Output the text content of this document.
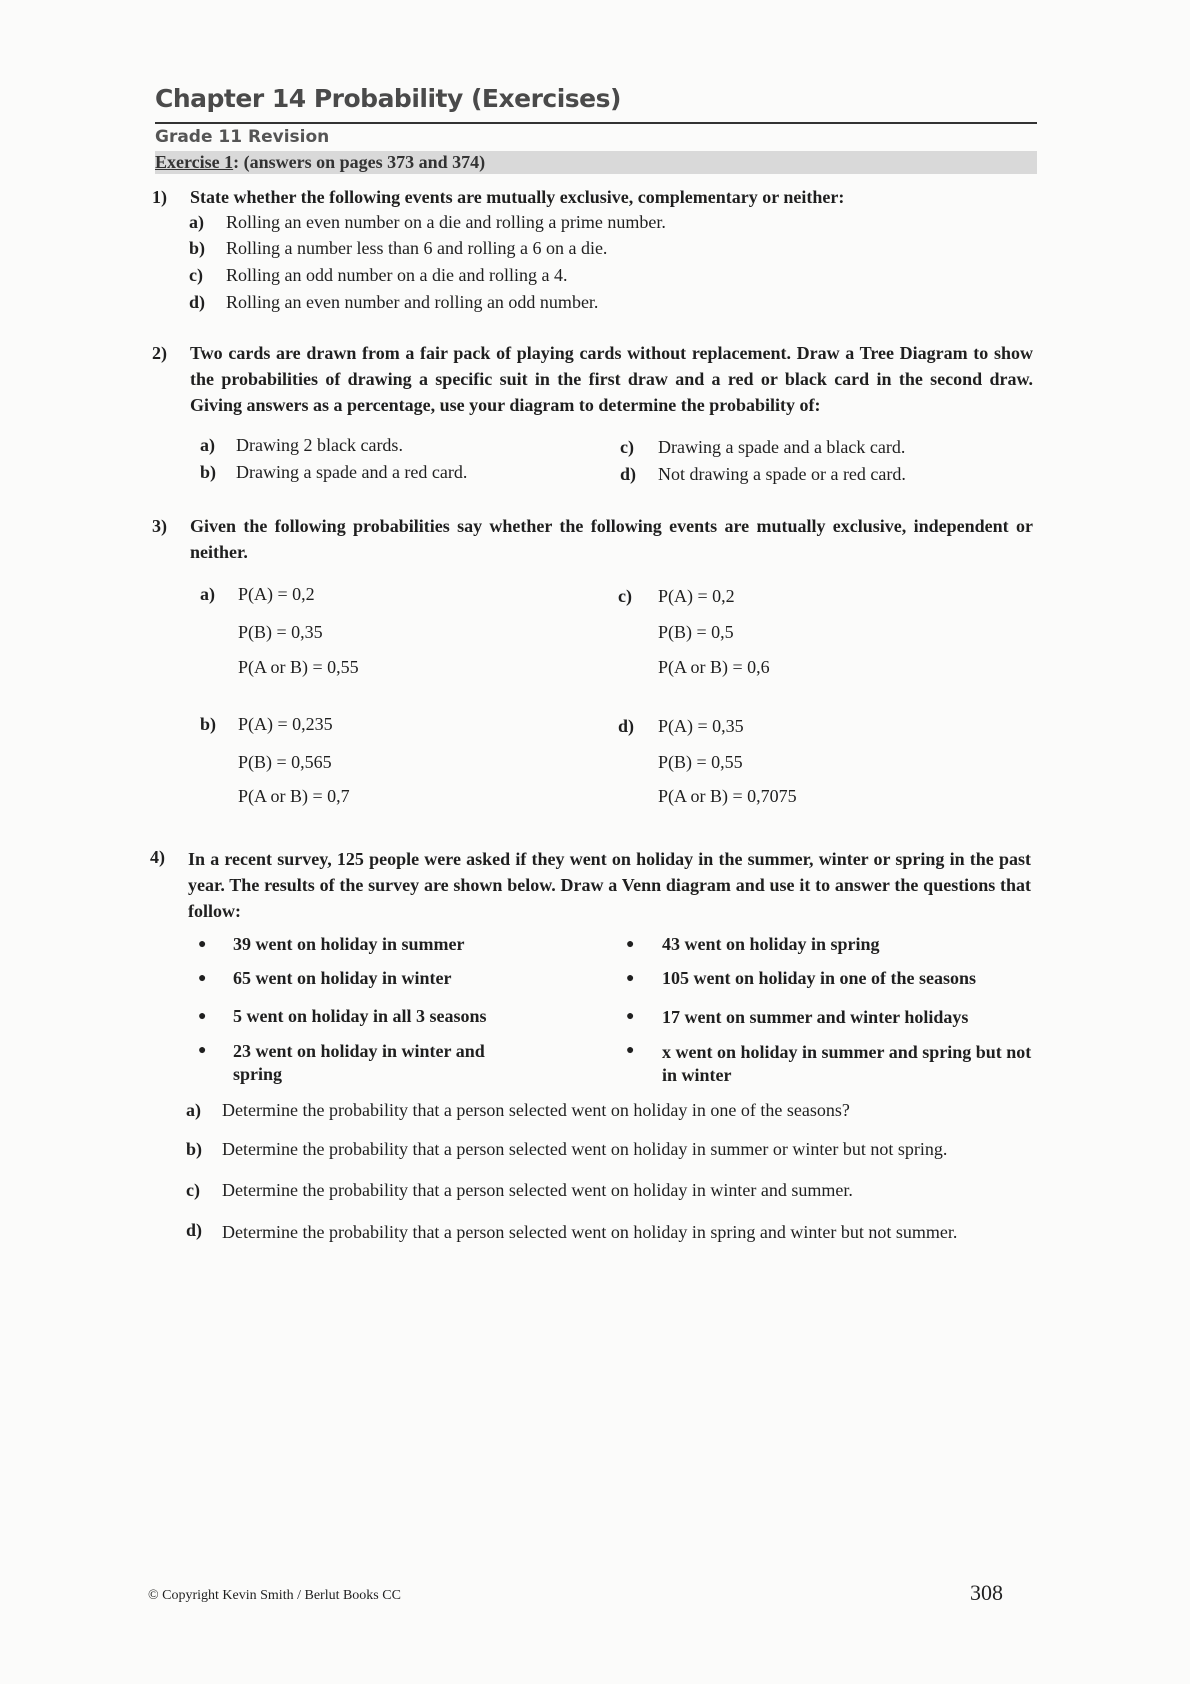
Chapter 14 Probability (Exercises)
Grade 11 Revision
Exercise 1: (answers on pages 373 and 374)
1) State whether the following events are mutually exclusive, complementary or neither:
a) Rolling an even number on a die and rolling a prime number.
b) Rolling a number less than 6 and rolling a 6 on a die.
c) Rolling an odd number on a die and rolling a 4.
d) Rolling an even number and rolling an odd number.
2) Two cards are drawn from a fair pack of playing cards without replacement. Draw a Tree Diagram to show the probabilities of drawing a specific suit in the first draw and a red or black card in the second draw. Giving answers as a percentage, use your diagram to determine the probability of:
a) Drawing 2 black cards.
b) Drawing a spade and a red card.
c) Drawing a spade and a black card.
d) Not drawing a spade or a red card.
3) Given the following probabilities say whether the following events are mutually exclusive, independent or neither.
a) P(A) = 0,2
P(B) = 0,35
P(A or B) = 0,55
b) P(A) = 0,235
P(B) = 0,565
P(A or B) = 0,7
c) P(A) = 0,2
P(B) = 0,5
P(A or B) = 0,6
d) P(A) = 0,35
P(B) = 0,55
P(A or B) = 0,7075
4) In a recent survey, 125 people were asked if they went on holiday in the summer, winter or spring in the past year. The results of the survey are shown below. Draw a Venn diagram and use it to answer the questions that follow:
● 39 went on holiday in summer	● 43 went on holiday in spring
● 65 went on holiday in winter	● 105 went on holiday in one of the seasons
● 5 went on holiday in all 3 seasons	● 17 went on summer and winter holidays
● 23 went on holiday in winter and spring
● x went on holiday in summer and spring but not in winter
a) Determine the probability that a person selected went on holiday in one of the seasons?
b) Determine the probability that a person selected went on holiday in summer or winter but not spring.
c) Determine the probability that a person selected went on holiday in winter and summer.
d) Determine the probability that a person selected went on holiday in spring and winter but not summer.
© Copyright Kevin Smith / Berlut Books CC	308
